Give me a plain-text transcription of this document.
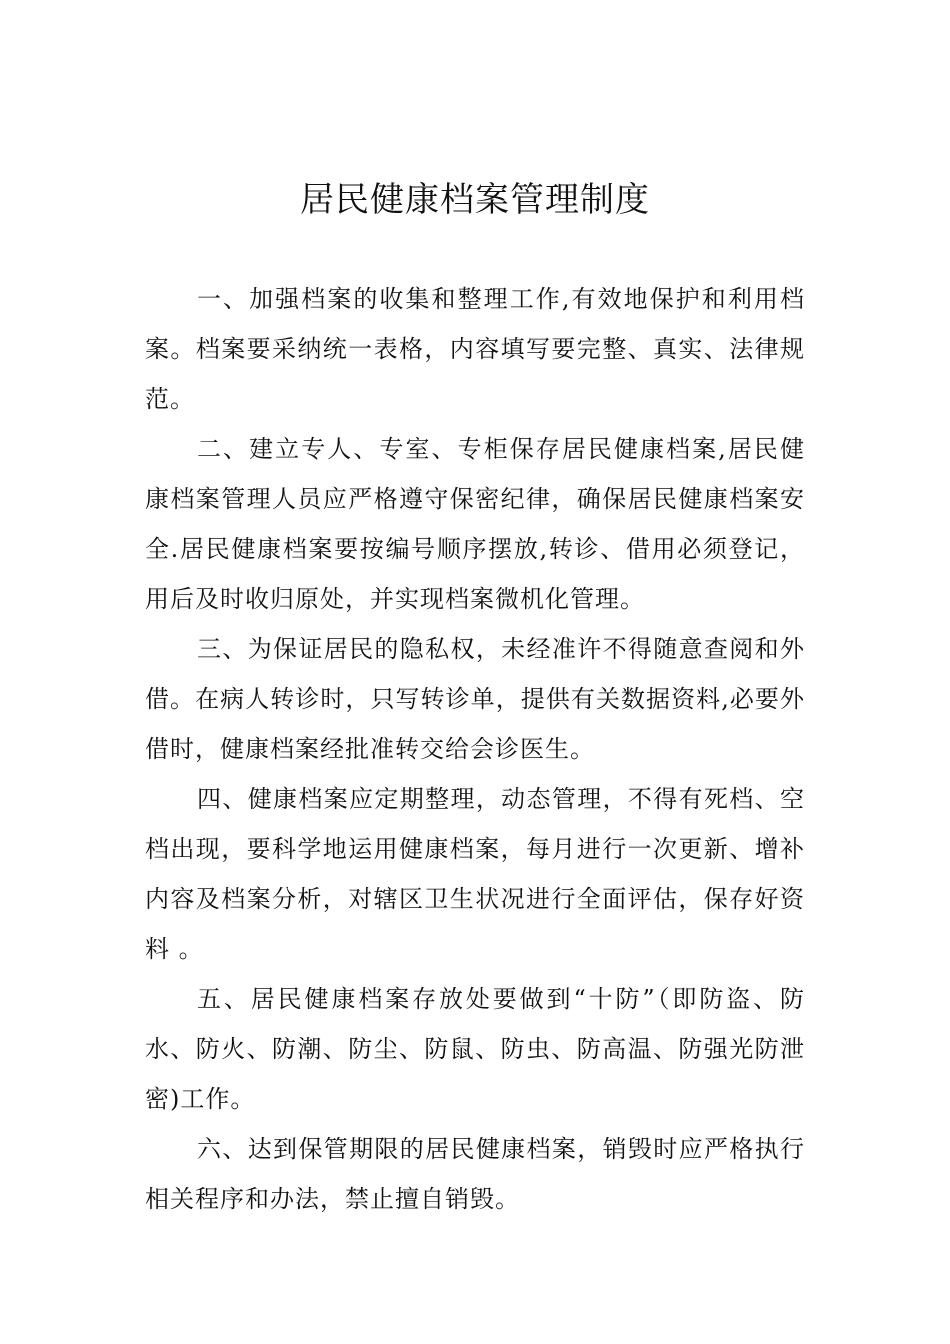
居民健康档案管理制度

一、加强档案的收集和整理工作,有效地保护和利用档案。档案要采纳统一表格，内容填写要完整、真实、法律规范。

二、建立专人、专室、专柜保存居民健康档案,居民健康档案管理人员应严格遵守保密纪律，确保居民健康档案安全.居民健康档案要按编号顺序摆放,转诊、借用必须登记，用后及时收归原处，并实现档案微机化管理。

三、为保证居民的隐私权，未经准许不得随意查阅和外借。在病人转诊时，只写转诊单，提供有关数据资料,必要外借时，健康档案经批准转交给会诊医生。

四、健康档案应定期整理，动态管理，不得有死档、空档出现，要科学地运用健康档案，每月进行一次更新、增补内容及档案分析，对辖区卫生状况进行全面评估，保存好资料 。

五、居民健康档案存放处要做到“十防”（即防盗、防水、防火、防潮、防尘、防鼠、防虫、防高温、防强光防泄密)工作。

六、达到保管期限的居民健康档案，销毁时应严格执行相关程序和办法，禁止擅自销毁。
